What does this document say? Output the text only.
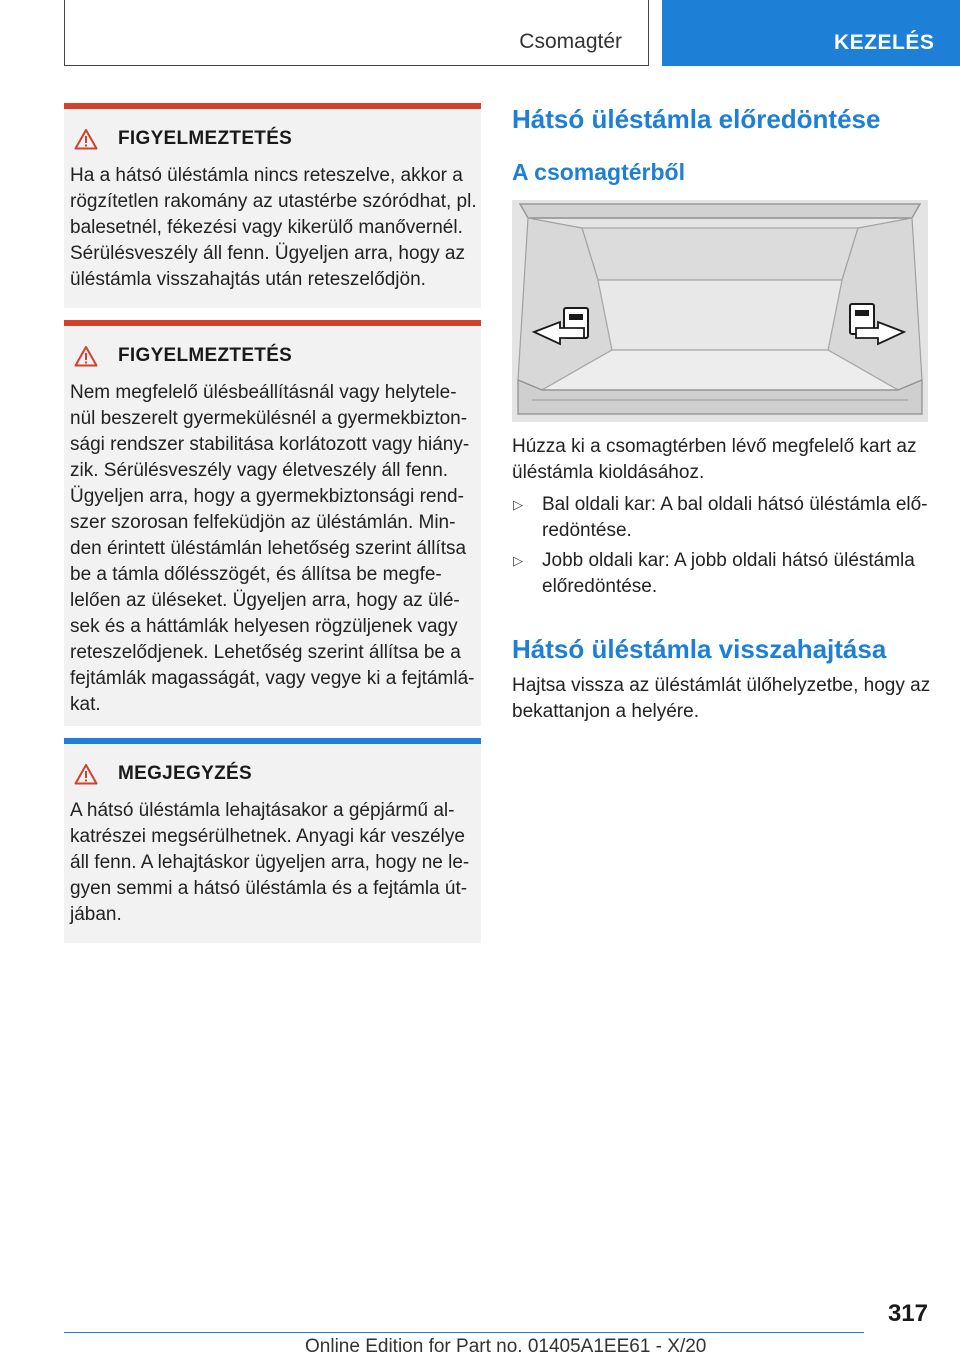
Csomagtér	KEZELÉS
FIGYELMEZTETÉS
Ha a hátsó üléstámla nincs reteszelve, akkor a
rögzítetlen rakomány az utastérbe szóródhat, pl.
balesetnél, fékezési vagy kikerülő manővernél.
Sérülésveszély áll fenn. Ügyeljen arra, hogy az
üléstámla visszahajtás után reteszelődjön.
FIGYELMEZTETÉS
Nem megfelelő ülésbeállításnál vagy helytele-
nül beszerelt gyermekülésnél a gyermekbizton-
sági rendszer stabilitása korlátozott vagy hiány-
zik. Sérülésveszély vagy életveszély áll fenn.
Ügyeljen arra, hogy a gyermekbiztonsági rend-
szer szorosan felfeküdjön az üléstámlán. Min-
den érintett üléstámlán lehetőség szerint állítsa
be a támla dőlésszögét, és állítsa be megfe-
lelően az üléseket. Ügyeljen arra, hogy az ülé-
sek és a háttámlák helyesen rögzüljenek vagy
reteszelődjenek. Lehetőség szerint állítsa be a
fejtámlák magasságát, vagy vegye ki a fejtámlá-
kat.
MEGJEGYZÉS
A hátsó üléstámla lehajtásakor a gépjármű al-
katrészei megsérülhetnek. Anyagi kár veszélye
áll fenn. A lehajtáskor ügyeljen arra, hogy ne le-
gyen semmi a hátsó üléstámla és a fejtámla út-
jában.
Hátsó üléstámla előredöntése
A csomagtérből
Húzza ki a csomagtérben lévő megfelelő kart az
üléstámla kioldásához.
▷ Bal oldali kar: A bal oldali hátsó üléstámla elő-
redöntése.
▷ Jobb oldali kar: A jobb oldali hátsó üléstámla
előredöntése.
Hátsó üléstámla visszahajtása
Hajtsa vissza az üléstámlát ülőhelyzetbe, hogy az
bekattanjon a helyére.
317
Online Edition for Part no. 01405A1EE61 - X/20
